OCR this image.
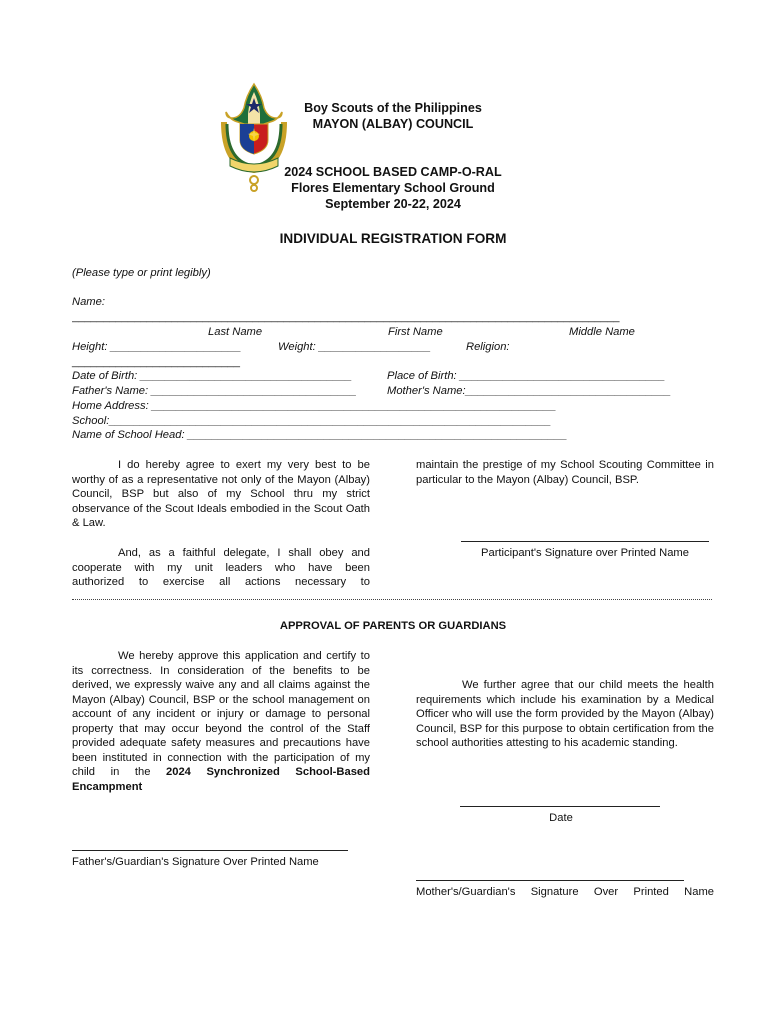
Boy Scouts of the Philippines
MAYON (ALBAY) COUNCIL
2024 SCHOOL BASED CAMP-O-RAL
Flores Elementary School Ground
September 20-22, 2024
INDIVIDUAL REGISTRATION FORM
(Please type or print legibly)
Name:
________________________________________________________________________________________
Last Name	First Name	Middle Name
Height: _____________________	Weight: __________________	Religion:
___________________________
Date of Birth: __________________________________	Place of Birth: _________________________________
Father's Name: _________________________________	Mother's Name:_________________________________
Home Address: _________________________________________________________________
School:_______________________________________________________________________
Name of School Head: _____________________________________________________________
I do hereby agree to exert my very best to be worthy of as a representative not only of the Mayon (Albay) Council, BSP but also of my School thru my strict observance of the Scout Ideals embodied in the Scout Oath & Law.
And, as a faithful delegate, I shall obey and
cooperate with my unit leaders who have been
authorized to exercise all actions necessary to
maintain the prestige of my School Scouting Committee in particular to the Mayon (Albay) Council, BSP.
Participant's Signature over Printed Name
APPROVAL OF PARENTS OR GUARDIANS
We hereby approve this application and certify to its correctness. In consideration of the benefits to be derived, we expressly waive any and all claims against the Mayon (Albay) Council, BSP or the school management on account of any incident or injury or damage to personal property that may occur beyond the control of the Staff provided adequate safety measures and precautions have been instituted in connection with the participation of my child in the 2024 Synchronized School-Based Encampment
We further agree that our child meets the health requirements which include his examination by a Medical Officer who will use the form provided by the Mayon (Albay) Council, BSP for this purpose to obtain certification from the school authorities attesting to his academic standing.
Date
Father's/Guardian's Signature Over Printed Name
Mother's/Guardian's Signature Over Printed Name
